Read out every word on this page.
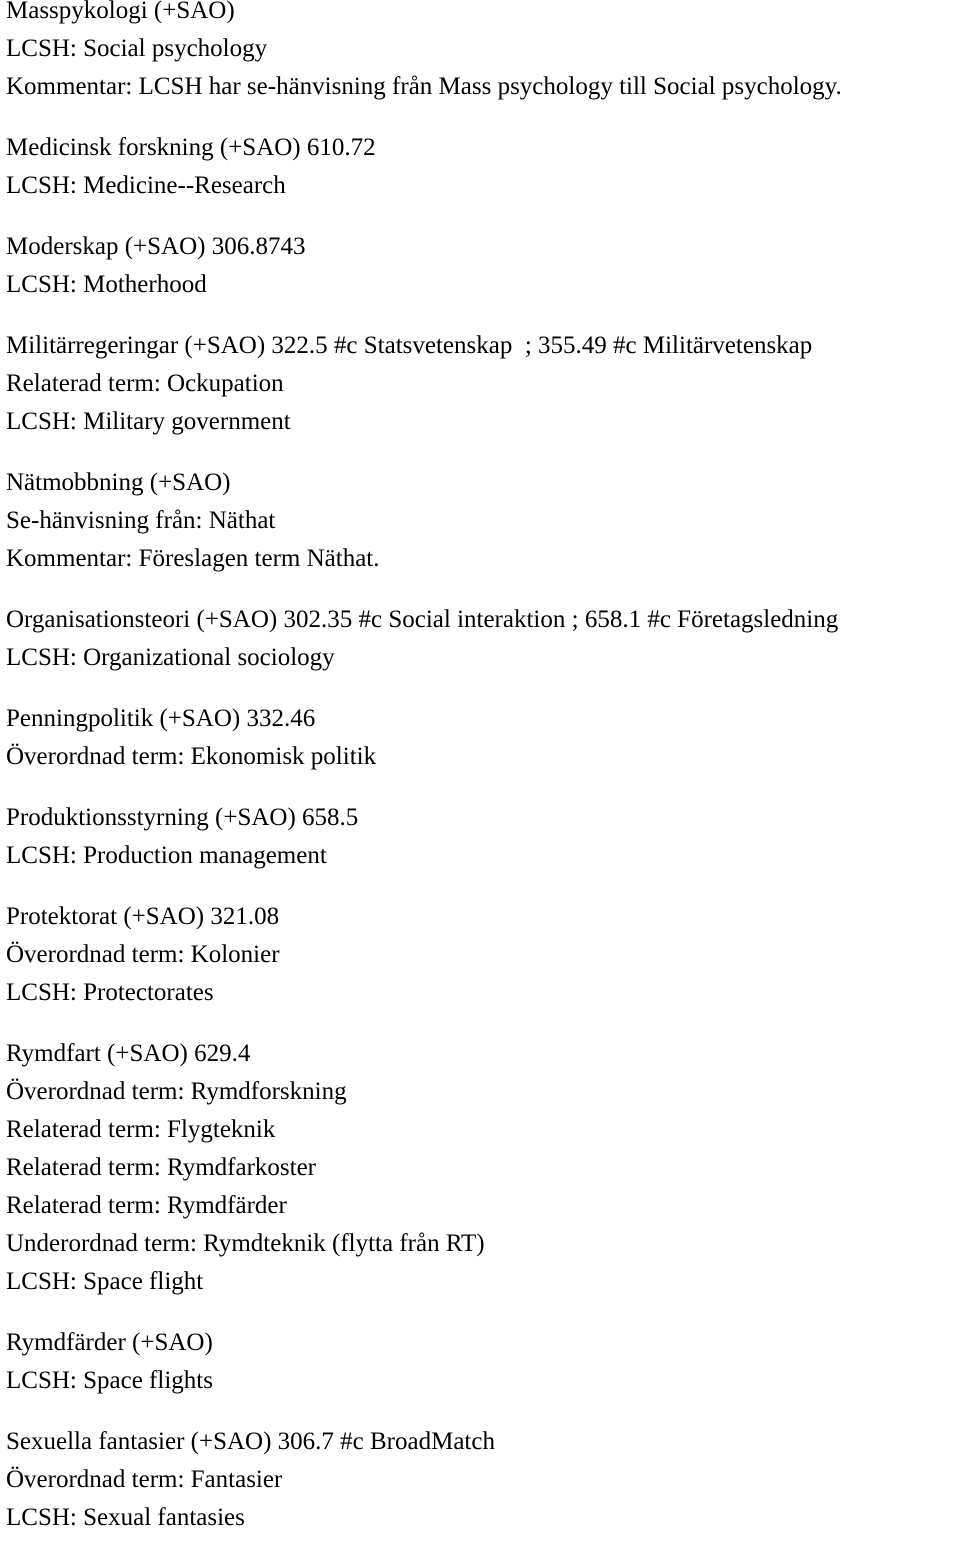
Masspykologi (+SAO)
LCSH: Social psychology
Kommentar: LCSH har se-hänvisning från Mass psychology till Social psychology.
Medicinsk forskning (+SAO) 610.72
LCSH: Medicine--Research
Moderskap (+SAO) 306.8743
LCSH: Motherhood
Militärregeringar (+SAO) 322.5 #c Statsvetenskap  ; 355.49 #c Militärvetenskap
Relaterad term: Ockupation
LCSH: Military government
Nätmobbning (+SAO)
Se-hänvisning från: Näthat
Kommentar: Föreslagen term Näthat.
Organisationsteori (+SAO) 302.35 #c Social interaktion ; 658.1 #c Företagsledning
LCSH: Organizational sociology
Penningpolitik (+SAO) 332.46
Överordnad term: Ekonomisk politik
Produktionsstyrning (+SAO) 658.5
LCSH: Production management
Protektorat (+SAO) 321.08
Överordnad term: Kolonier
LCSH: Protectorates
Rymdfart (+SAO) 629.4
Överordnad term: Rymdforskning
Relaterad term: Flygteknik
Relaterad term: Rymdfarkoster
Relaterad term: Rymdfärder
Underordnad term: Rymdteknik (flytta från RT)
LCSH: Space flight
Rymdfärder (+SAO)
LCSH: Space flights
Sexuella fantasier (+SAO) 306.7 #c BroadMatch
Överordnad term: Fantasier
LCSH: Sexual fantasies
